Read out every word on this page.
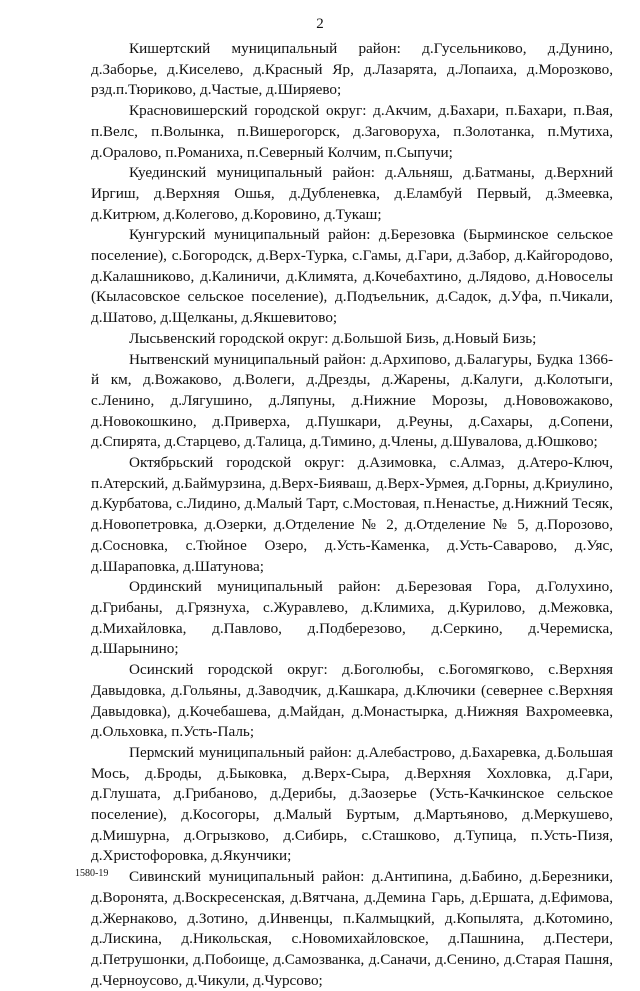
2

Кишертский муниципальный район: д.Гусельниково, д.Дунино, д.Заборье, д.Киселево, д.Красный Яр, д.Лазарята, д.Лопаиха, д.Морозково, рзд.п.Тюриково, д.Частые, д.Ширяево;

Красновишерский городской округ: д.Акчим, д.Бахари, п.Бахари, п.Вая, п.Велс, п.Волынка, п.Вишерогорск, д.Заговоруха, п.Золотанка, п.Мутиха, д.Оралово, п.Романиха, п.Северный Колчим, п.Сыпучи;

Куединский муниципальный район: д.Альняш, д.Батманы, д.Верхний Иргиш, д.Верхняя Ошья, д.Дубленевка, д.Еламбуй Первый, д.Змеевка, д.Китрюм, д.Колегово, д.Коровино, д.Тукаш;

Кунгурский муниципальный район: д.Березовка (Бырминское сельское поселение), с.Богородск, д.Верх-Турка, с.Гамы, д.Гари, д.Забор, д.Кайгородово, д.Калашниково, д.Калиничи, д.Климята, д.Кочебахтино, д.Лядово, д.Новоселы (Кыласовское сельское поселение), д.Подъельник, д.Садок, д.Уфа, п.Чикали, д.Шатово, д.Щелканы, д.Якшевитово;

Лысьвенский городской округ: д.Большой Бизь, д.Новый Бизь;

Нытвенский муниципальный район: д.Архипово, д.Балагуры, Будка 1366-й км, д.Вожаково, д.Волеги, д.Дрезды, д.Жарены, д.Калуги, д.Колотыги, с.Ленино, д.Лягушино, д.Ляпуны, д.Нижние Морозы, д.Нововожаково, д.Новокошкино, д.Приверха, д.Пушкари, д.Реуны, д.Сахары, д.Сопени, д.Спирята, д.Старцево, д.Талица, д.Тимино, д.Члены, д.Шувалова, д.Юшково;

Октябрьский городской округ: д.Азимовка, с.Алмаз, д.Атеро-Ключ, п.Атерский, д.Баймурзина, д.Верх-Бияваш, д.Верх-Урмея, д.Горны, д.Криулино, д.Курбатова, с.Лидино, д.Малый Тарт, с.Мостовая, п.Ненастье, д.Нижний Тесяк, д.Новопетровка, д.Озерки, д.Отделение № 2, д.Отделение № 5, д.Порозово, д.Сосновка, с.Тюйное Озеро, д.Усть-Каменка, д.Усть-Саварово, д.Уяс, д.Шараповка, д.Шатунова;

Ординский муниципальный район: д.Березовая Гора, д.Голухино, д.Грибаны, д.Грязнуха, с.Журавлево, д.Климиха, д.Курилово, д.Межовка, д.Михайловка, д.Павлово, д.Подберезово, д.Серкино, д.Черемиска, д.Шарынино;

Осинский городской округ: д.Боголюбы, с.Богомягково, с.Верхняя Давыдовка, д.Гольяны, д.Заводчик, д.Кашкара, д.Ключики (севернее с.Верхняя Давыдовка), д.Кочебашева, д.Майдан, д.Монастырка, д.Нижняя Вахромеевка, д.Ольховка, п.Усть-Паль;

Пермский муниципальный район: д.Алебастрово, д.Бахаревка, д.Большая Мось, д.Броды, д.Быковка, д.Верх-Сыра, д.Верхняя Хохловка, д.Гари, д.Глушата, д.Грибаново, д.Дерибы, д.Заозерье (Усть-Качкинское сельское поселение), д.Косогоры, д.Малый Буртым, д.Мартьяново, д.Меркушево, д.Мишурна, д.Огрызково, д.Сибирь, с.Сташково, д.Тупица, п.Усть-Пизя, д.Христофоровка, д.Якунчики;

Сивинский муниципальный район: д.Антипина, д.Бабино, д.Березники, д.Воронята, д.Воскресенская, д.Вятчана, д.Демина Гарь, д.Ершата, д.Ефимова, д.Жернаково, д.Зотино, д.Инвенцы, п.Калмыцкий, д.Копылята, д.Котомино, д.Лискина, д.Никольская, с.Новомихайловское, д.Пашнина, д.Пестери, д.Петрушонки, д.Побоище, д.Самозванка, д.Саначи, д.Сенино, д.Старая Пашня, д.Черноусово, д.Чикули, д.Чурсово;

1580-19
